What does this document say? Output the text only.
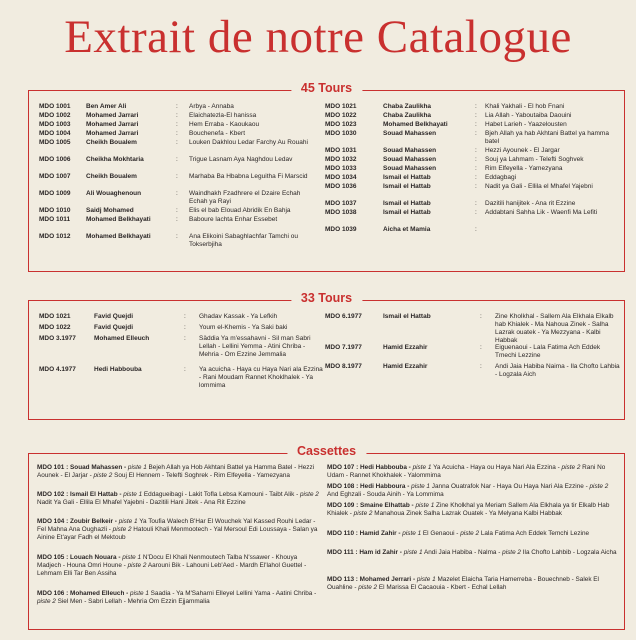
Extrait de notre Catalogue
45 Tours
MDO 1001 Ben Amer Ali	: Arbya - Annaba
MDO 1002 Mohamed Jarrari	: Elaichatezla-El hanissa
MDO 1003 Mohamed Jarrari	: Hem Erraba - Kaoukaou
MDO 1004 Mohamed Jarrari	: Bouchenefa - Kbert
MDO 1005 Cheikh Boualem	: Louken Dakhlou Ledar Farchy Au Rouahi
MDO 1006 Cheikha Mokhtaria	: Trigue Lasnam Aya Naghdou Ledav
MDO 1007 Cheikh Boualem	: Marhaba Ba Hbabna Leguitha Fi Marscid
MDO 1009 Ali Wouaghenoun	: Waindhakh Fzadhrere el Dzaire Echah Echah ya Rayi
MDO 1010 Saidj Mohamed	: Elis el bab Elouad Abridik En Bahja
MDO 1011 Mohamed Belkhayati	: Baboure lachta Enhar Essebet
MDO 1012 Mohamed Belkhayati	: Ana Elikoini Sabaghlachfar Tamchi ou Tokserbjiha
MDO 1021	Chaba Zaulikha	: Khali Yakhali - El hob Fnani
MDO 1022	Chaba Zaulikha	: Lia Allah - Yaboutaiba Daouini
MDO 1023	Mohamed Belkhayati	: Habet Larieh - Yaazelousten
MDO 1030	Souad Mahassen	: Bjeh Allah ya hab Akhtani Battel ya hamma batel
MDO 1031	Souad Mahassen	: Hezzi Ayounek - El Jargar
MDO 1032	Souad Mahassen	: Souj ya Lahmam - Telefti Soghvek
MDO 1033	Souad Mahassen	: Rim Elfeyella - Yamezyana
MDO 1034	Ismail el Hattab	: Eddagbagi
MDO 1036	Ismail el Hattab	: Nadit ya Gali - Ellila el Mhafel Yajebni
MDO 1037	Ismail el Hattab	: Dazitili hanijitek - Ana rit Ezzine
MDO 1038	Ismail el Hattab	: Addabtani Sahha Lik - Waenfi Ma Lefiti
MDO 1039	Aicha et Mamia	:
33 Tours
MDO 1021	Favid Quejdi	: Ghadav Kassak - Ya Lefkih
MDO 1022	Favid Quejdi	: Youm el-Khemis - Ya Saki baki
MDO 3.1977	Mohamed Elleuch	: Säddia Ya m'essahavni - Sil man Sabri Lellah - Lellini Yemma - Atini Chriba - Mehria - Om Ezzine Jemmalia
MDO 4.1977	Hedi Habbouba	: Ya acuicha - Haya cu Haya Nari ala Ezzina - Rani Moudam Rannet Khoklhalek - Ya lommima
MDO 6.1977	Ismail el Hattab	: Zine Kholkhal - Sallem Ala Elkhala Elkalb hab Khialek - Ma Nahoua Zinek - Salha Lazrak ouatek - Ya Mezzyana - Kalbi Habbak
MDO 7.1977	Hamid Ezzahir	: Eiguenaoui - Lala Fatima Ach Eddek Tmechi Lezzine
MDO 8.1977	Hamid Ezzahir	: Andi Jaia Habiba Naima - Ila Chofto Lahbia - Logzala Aich
Cassettes
MDO 101 : Souad Mahassen - piste 1 Bejeh Allah ya Hob Akhtani Battel ya Hamma Batel - Hezzi Aounek - El Jarjar - piste 2 Souj El Hennem - Telefti Soghrek - Rim Elfeyella - Yamezyana
MDO 102 : Ismail El Hattab - piste 1 Eddagueibagi - Lakit Tofla Lebsa Kamouni - Taibt Alik - piste 2 Nadit Ya Gali - Ellila El Mhafel Yajebni - Dazitili Hani Jitek - Ana Rit Ezzine
MDO 104 : Zoubir Belkeir - piste 1 Ya Toufia Walech B'Har El Wouchek Yal Kassed Rouhi Ledar - Fel Mahna Ana Oughazli - piste 2 Hatouli Khali Menmootech - Yal Mersoul Edi Loussaya - Salan ya Ainine Et'ayar Fadh el Mektoub
MDO 105 : Louach Nouara - piste 1 N'Docu El Khali Nenmoutech Talba N'ssawer - Khouya Madjech - Houna Omri Houne - piste 2 Aarouni Bik - Lahouni Leb'Aed - Mardh El'lahol Guettel - Lehmam Elli Tar Ben Assiha
MDO 106 : Mohamed Elleuch - piste 1 Saadia - Ya M'Saharni Elleyel Lellini Yama - Aatini Chriba - piste 2 Siel Men - Sabri Lellah - Mehria Om Ezzin Ejjammalia
MDO 107 : Hedi Habbouba - piste 1 Ya Acuicha - Haya ou Haya Nari Ala Ezzina - piste 2 Rani No Udam - Rannet Khokhalek - Yalommima
MDO 108 : Hedi Habboura - piste 1 Janna Ouatrafok Nar - Haya Ou Haya Nari Ala Ezzine - piste 2 And Eghzali - Souda Ainih - Ya Lommima
MDO 109 : Smaine Elhattab - piste 1 Zine Kholkhal ya Meriam Sallem Ala Elkhala ya tir Elkalb Hab Khialek - piste 2 Manahoua Zinek Salha Lazrak Ouatek - Ya Melyana Kalbi Habbak
MDO 110 : Hamid Zahir - piste 1 El Genaoui - piste 2 Lala Fatima Ach Eddek Temchi Lezine
MDO 111 : Ham id Zahir - piste 1 Andi Jaia Habiba - Nalma - piste 2 Ila Chofto Lahbib - Logzala Aicha
MDO 113 : Mohamed Jerrari - piste 1 Mazelet Elaicha Taria Hamerreba - Bouechneb - Salek El Ouahline - piste 2 El Marissa El Cacaouia - Kbert - Echal Lellah
